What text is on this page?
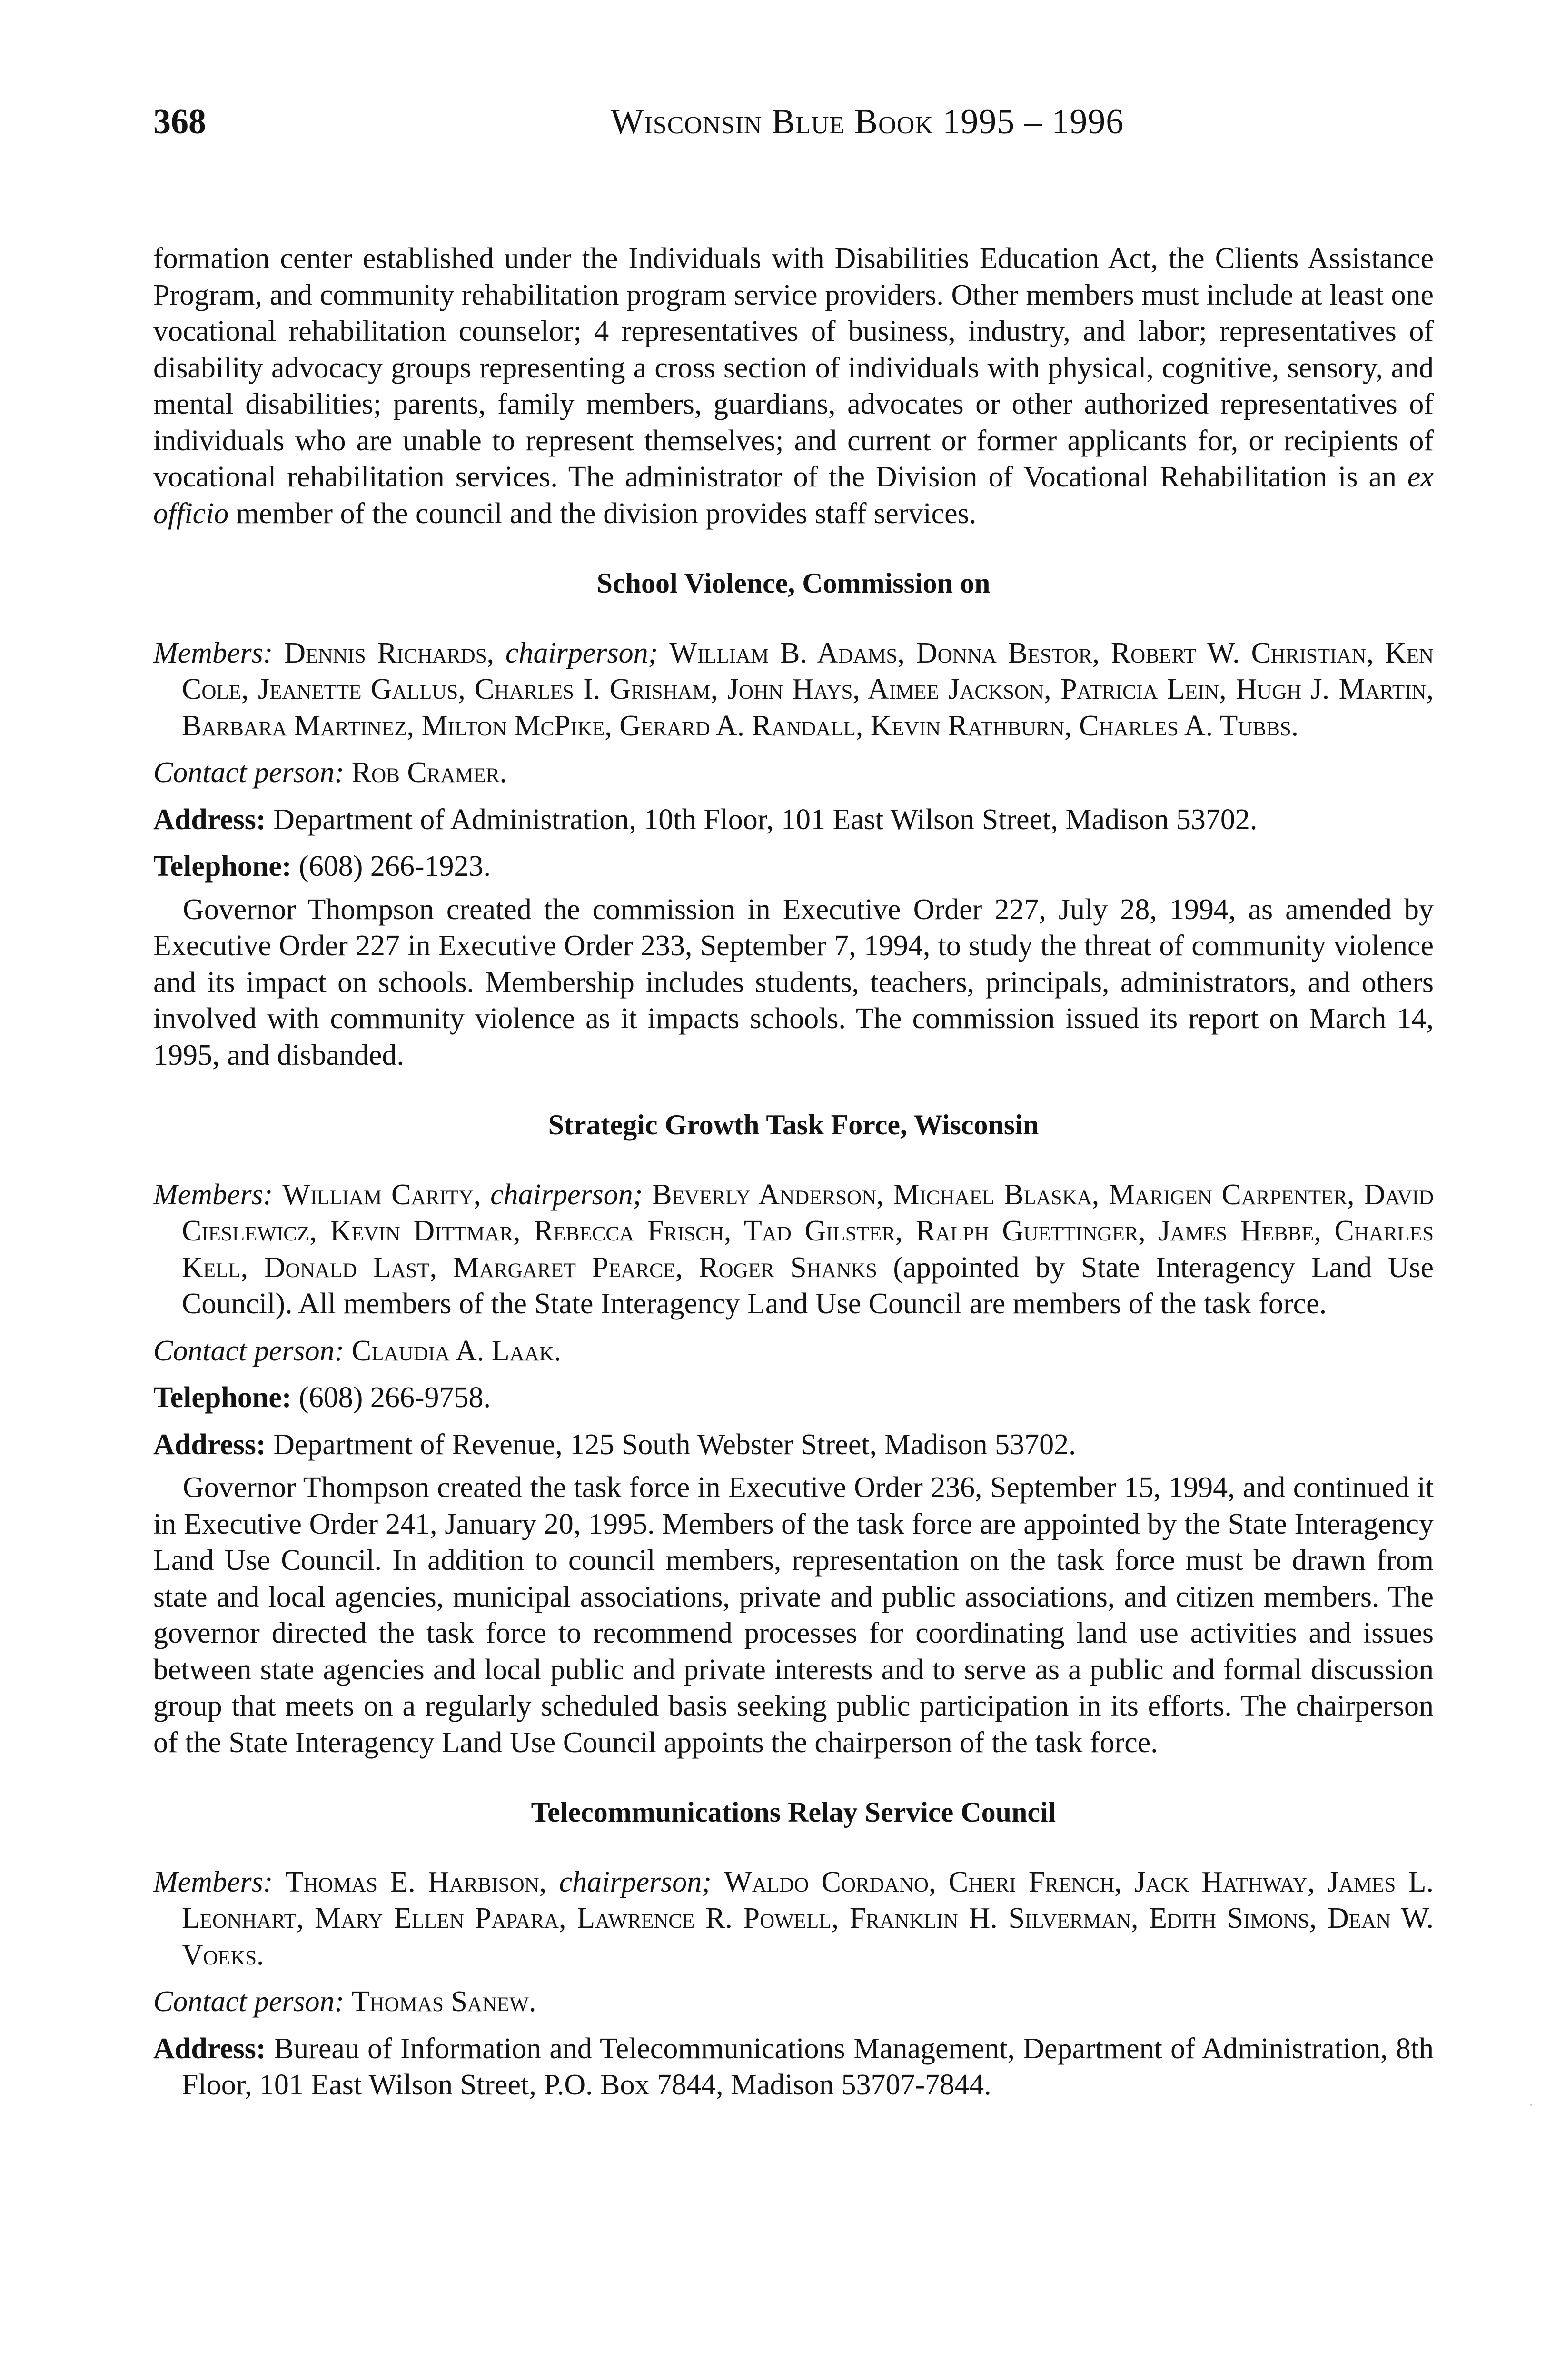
368	Wisconsin Blue Book 1995 – 1996

formation center established under the Individuals with Disabilities Education Act, the Clients Assistance Program, and community rehabilitation program service providers. Other members must include at least one vocational rehabilitation counselor; 4 representatives of business, industry, and labor; representatives of disability advocacy groups representing a cross section of individuals with physical, cognitive, sensory, and mental disabilities; parents, family members, guardians, advocates or other authorized representatives of individuals who are unable to represent themselves; and current or former applicants for, or recipients of vocational rehabilitation services. The administrator of the Division of Vocational Rehabilitation is an ex officio member of the council and the division provides staff services.

School Violence, Commission on

Members: Dennis Richards, chairperson; William B. Adams, Donna Bestor, Robert W. Christian, Ken Cole, Jeanette Gallus, Charles I. Grisham, John Hays, Aimee Jackson, Patricia Lein, Hugh J. Martin, Barbara Martinez, Milton McPike, Gerard A. Randall, Kevin Rathburn, Charles A. Tubbs.

Contact person: Rob Cramer.

Address: Department of Administration, 10th Floor, 101 East Wilson Street, Madison 53702.

Telephone: (608) 266-1923.

Governor Thompson created the commission in Executive Order 227, July 28, 1994, as amended by Executive Order 227 in Executive Order 233, September 7, 1994, to study the threat of community violence and its impact on schools. Membership includes students, teachers, principals, administrators, and others involved with community violence as it impacts schools. The commission issued its report on March 14, 1995, and disbanded.

Strategic Growth Task Force, Wisconsin

Members: William Carity, chairperson; Beverly Anderson, Michael Blaska, Marigen Carpenter, David Cieslewicz, Kevin Dittmar, Rebecca Frisch, Tad Gilster, Ralph Guettinger, James Hebbe, Charles Kell, Donald Last, Margaret Pearce, Roger Shanks (appointed by State Interagency Land Use Council). All members of the State Interagency Land Use Council are members of the task force.

Contact person: Claudia A. Laak.

Telephone: (608) 266-9758.

Address: Department of Revenue, 125 South Webster Street, Madison 53702.

Governor Thompson created the task force in Executive Order 236, September 15, 1994, and continued it in Executive Order 241, January 20, 1995. Members of the task force are appointed by the State Interagency Land Use Council. In addition to council members, representation on the task force must be drawn from state and local agencies, municipal associations, private and public associations, and citizen members. The governor directed the task force to recommend processes for coordinating land use activities and issues between state agencies and local public and private interests and to serve as a public and formal discussion group that meets on a regularly scheduled basis seeking public participation in its efforts. The chairperson of the State Interagency Land Use Council appoints the chairperson of the task force.

Telecommunications Relay Service Council

Members: Thomas E. Harbison, chairperson; Waldo Cordano, Cheri French, Jack Hathway, James L. Leonhart, Mary Ellen Papara, Lawrence R. Powell, Franklin H. Silverman, Edith Simons, Dean W. Voeks.

Contact person: Thomas Sanew.

Address: Bureau of Information and Telecommunications Management, Department of Administration, 8th Floor, 101 East Wilson Street, P.O. Box 7844, Madison 53707-7844.
